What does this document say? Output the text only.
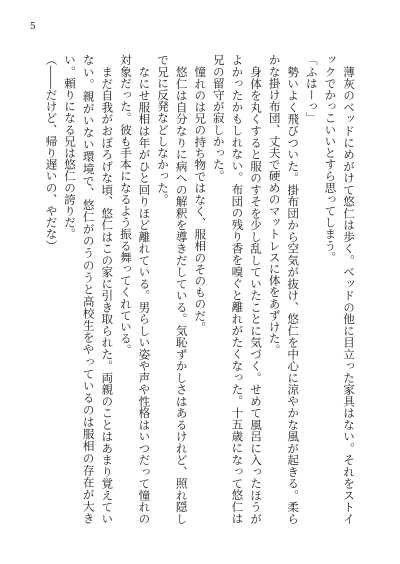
5

薄灰のベッドにめがけて悠仁は歩く。ベッドの他に目立った家具はない。それをストイックでかっこいいとすら思ってしまう。

「ふはーっ」

勢いよく飛びついた。掛布団から空気が抜け、悠仁を中心に涼やかな風が起きる。柔らかな掛け布団、丈夫で硬めのマットレスに体をあずけた。

身体を丸くすると服のすそを少し乱していたことに気づく。せめて風呂に入ったほうがよかったかもしれない。布団の残り香を嗅ぐと離れがたくなった。十五歳になって悠仁は兄の留守が寂しかった。

憧れのは兄の持ち物ではなく、服相のそのものだ。

悠仁は自分なりに病への解釈を導きだしている。気恥ずかしさはあるけれど、照れ隠しで兄に反発などしなかった。

なにせ服相は年がひと回りほど離れている。男らしい姿や声や性格はいつだって憧れの対象だった。彼も手本になるよう振る舞ってくれている。

まだ自我がおぼろげな頃、悠仁はこの家に引き取られた。両親のことはあまり覚えていない。親がいない環境で、悠仁がのうのうと高校生をやっているのは服相の存在が大きい。頼りになる兄は悠仁の誇りだ。

（――だけど、帰り遅いの、やだな）
